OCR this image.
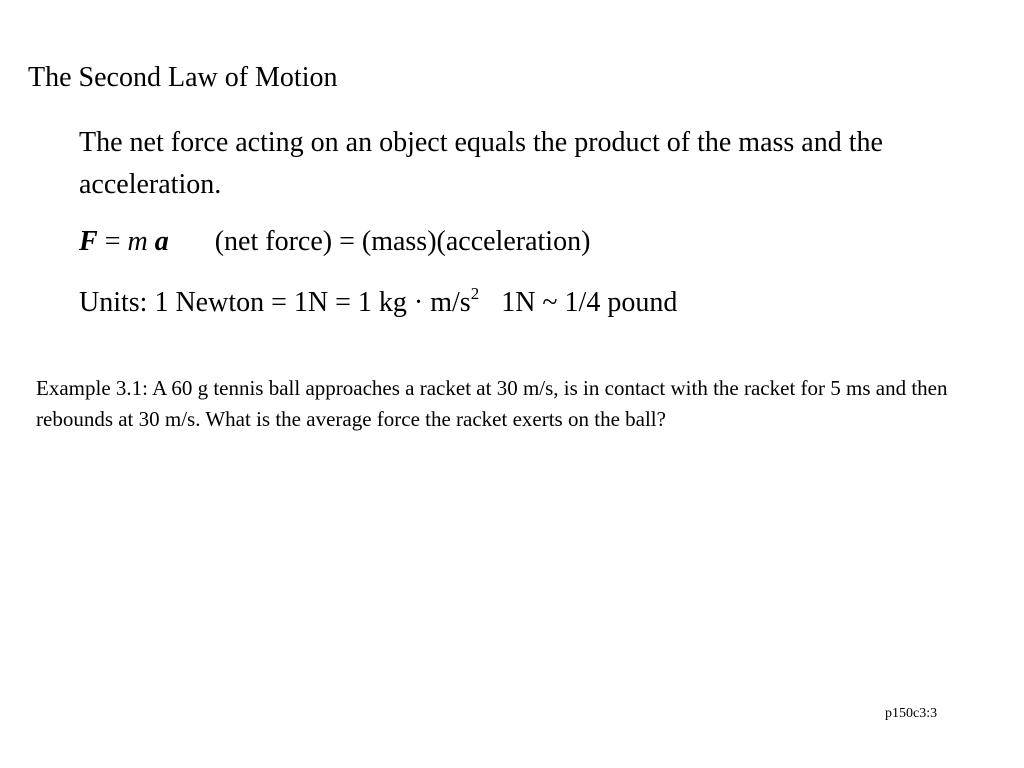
The Second Law of Motion
The net force acting on an object equals the product of the mass and the acceleration.
F = m a (net force) = (mass)(acceleration)
Units: 1 Newton = 1N = 1 kg · $m/s^2$ 1N ~ 1/4 pound
Example 3.1: A 60 g tennis ball approaches a racket at 30 m/s, is in contact with the racket for 5 ms and then rebounds at 30 m/s. What is the average force the racket exerts on the ball?
p150c3:3
